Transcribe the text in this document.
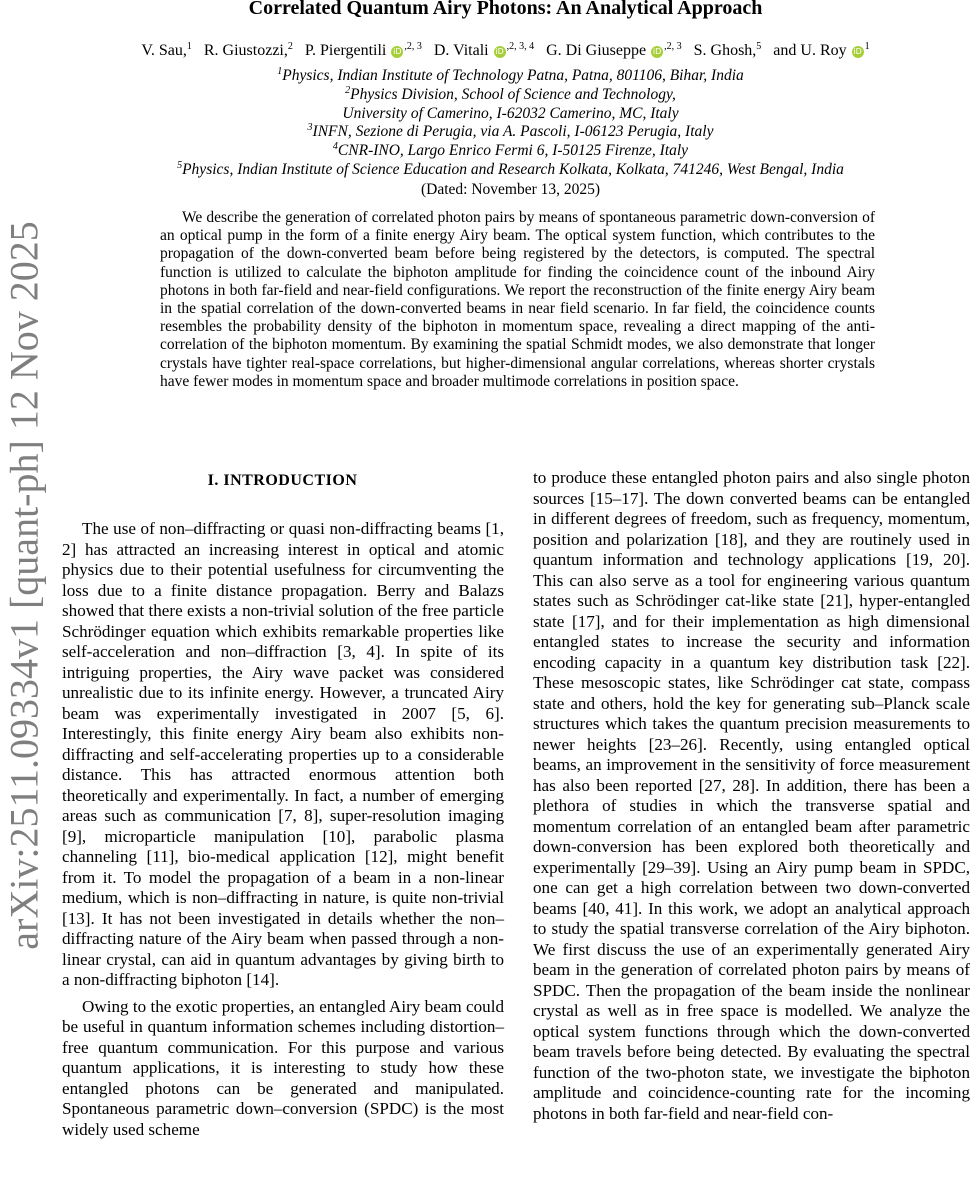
arXiv:2511.09334v1 [quant-ph] 12 Nov 2025
Correlated Quantum Airy Photons: An Analytical Approach
V. Sau,$^1$ R. Giustozzi,$^2$ P. Piergentili iD $^{,2, 3}$ D. Vitali iD $^{,2, 3, 4}$ G. Di Giuseppe iD $^{,2, 3}$ S. Ghosh,$^5$ and U. Roy iD $^1$
$^1$Physics, Indian Institute of Technology Patna, Patna, 801106, Bihar, India
$^2$Physics Division, School of Science and Technology,
University of Camerino, I-62032 Camerino, MC, Italy
$^3$INFN, Sezione di Perugia, via A. Pascoli, I-06123 Perugia, Italy
$^4$CNR-INO, Largo Enrico Fermi 6, I-50125 Firenze, Italy
$^5$Physics, Indian Institute of Science Education and Research Kolkata, Kolkata, 741246, West Bengal, India
(Dated: November 13, 2025)
We describe the generation of correlated photon pairs by means of spontaneous parametric down-conversion of an optical pump in the form of a finite energy Airy beam. The optical system function, which contributes to the propagation of the down-converted beam before being registered by the detectors, is computed. The spectral function is utilized to calculate the biphoton amplitude for finding the coincidence count of the inbound Airy photons in both far-field and near-field configurations. We report the reconstruction of the finite energy Airy beam in the spatial correlation of the down-converted beams in near field scenario. In far field, the coincidence counts resembles the probability density of the biphoton in momentum space, revealing a direct mapping of the anti-correlation of the biphoton momentum. By examining the spatial Schmidt modes, we also demonstrate that longer crystals have tighter real-space correlations, but higher-dimensional angular correlations, whereas shorter crystals have fewer modes in momentum space and broader multimode correlations in position space.
I. INTRODUCTION

The use of non–diffracting or quasi non-diffracting beams [1, 2] has attracted an increasing interest in optical and atomic physics due to their potential usefulness for circumventing the loss due to a finite distance propagation. Berry and Balazs showed that there exists a non-trivial solution of the free particle Schrödinger equation which exhibits remarkable properties like self-acceleration and non–diffraction [3, 4]. In spite of its intriguing properties, the Airy wave packet was considered unrealistic due to its infinite energy. However, a truncated Airy beam was experimentally investigated in 2007 [5, 6]. Interestingly, this finite energy Airy beam also exhibits non-diffracting and self-accelerating properties up to a considerable distance. This has attracted enormous attention both theoretically and experimentally. In fact, a number of emerging areas such as communication [7, 8], super-resolution imaging [9], microparticle manipulation [10], parabolic plasma channeling [11], bio-medical application [12], might benefit from it. To model the propagation of a beam in a non-linear medium, which is non–diffracting in nature, is quite non-trivial [13]. It has not been investigated in details whether the non–diffracting nature of the Airy beam when passed through a non-linear crystal, can aid in quantum advantages by giving birth to a non-diffracting biphoton [14].

Owing to the exotic properties, an entangled Airy beam could be useful in quantum information schemes including distortion–free quantum communication. For this purpose and various quantum applications, it is interesting to study how these entangled photons can be generated and manipulated. Spontaneous parametric down–conversion (SPDC) is the most widely used scheme

to produce these entangled photon pairs and also single photon sources [15–17]. The down converted beams can be entangled in different degrees of freedom, such as frequency, momentum, position and polarization [18], and they are routinely used in quantum information and technology applications [19, 20]. This can also serve as a tool for engineering various quantum states such as Schrödinger cat-like state [21], hyper-entangled state [17], and for their implementation as high dimensional entangled states to increase the security and information encoding capacity in a quantum key distribution task [22]. These mesoscopic states, like Schrödinger cat state, compass state and others, hold the key for generating sub–Planck scale structures which takes the quantum precision measurements to newer heights [23–26]. Recently, using entangled optical beams, an improvement in the sensitivity of force measurement has also been reported [27, 28]. In addition, there has been a plethora of studies in which the transverse spatial and momentum correlation of an entangled beam after parametric down-conversion has been explored both theoretically and experimentally [29–39]. Using an Airy pump beam in SPDC, one can get a high correlation between two down-converted beams [40, 41]. In this work, we adopt an analytical approach to study the spatial transverse correlation of the Airy biphoton. We first discuss the use of an experimentally generated Airy beam in the generation of correlated photon pairs by means of SPDC. Then the propagation of the beam inside the nonlinear crystal as well as in free space is modelled. We analyze the optical system functions through which the down-converted beam travels before being detected. By evaluating the spectral function of the two-photon state, we investigate the biphoton amplitude and coincidence-counting rate for the incoming photons in both far-field and near-field con-
